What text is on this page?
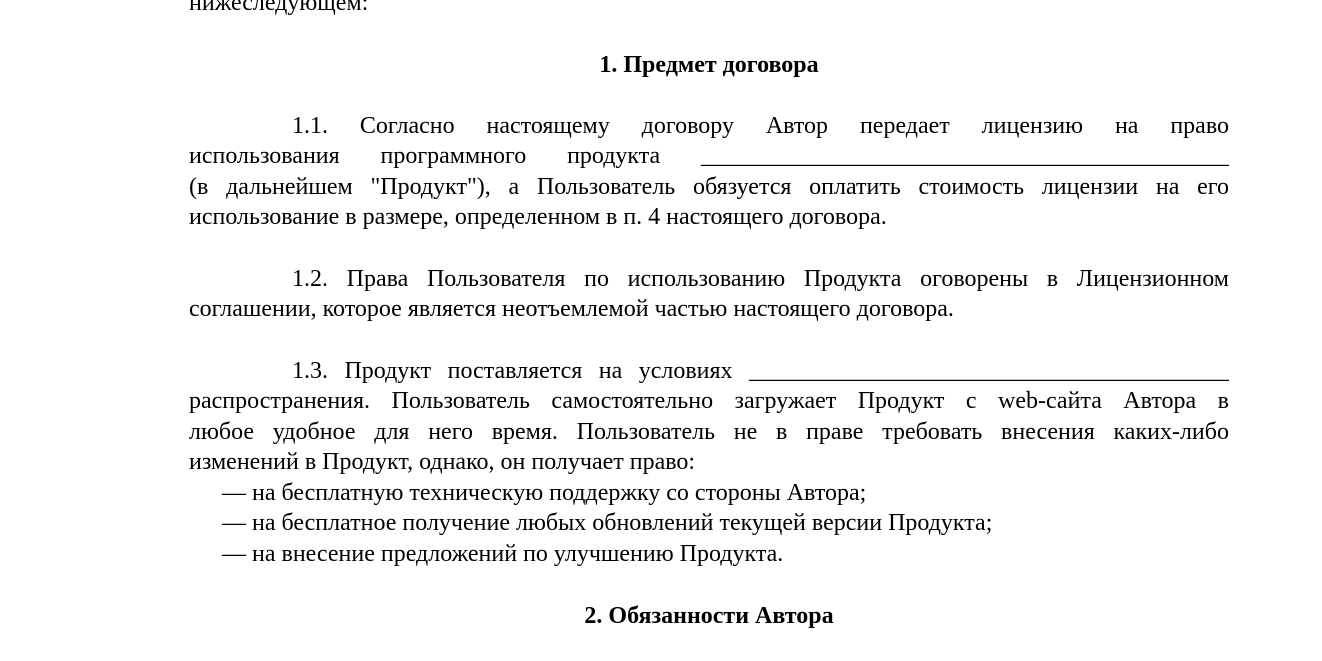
нижеследующем:
1. Предмет договора
1.1. Согласно настоящему договору Автор передает лицензию на право
использования программного продукта ____________________________________________
(в дальнейшем "Продукт"), а Пользователь обязуется оплатить стоимость лицензии на его
использование в размере, определенном в п. 4 настоящего договора.
1.2. Права Пользователя по использованию Продукта оговорены в Лицензионном
соглашении, которое является неотъемлемой частью настоящего договора.
1.3. Продукт поставляется на условиях ________________________________________
распространения. Пользователь самостоятельно загружает Продукт с web-сайта Автора в
любое удобное для него время. Пользователь не в праве требовать внесения каких-либо
изменений в Продукт, однако, он получает право:
— на бесплатную техническую поддержку со стороны Автора;
— на бесплатное получение любых обновлений текущей версии Продукта;
— на внесение предложений по улучшению Продукта.
2. Обязанности Автора
